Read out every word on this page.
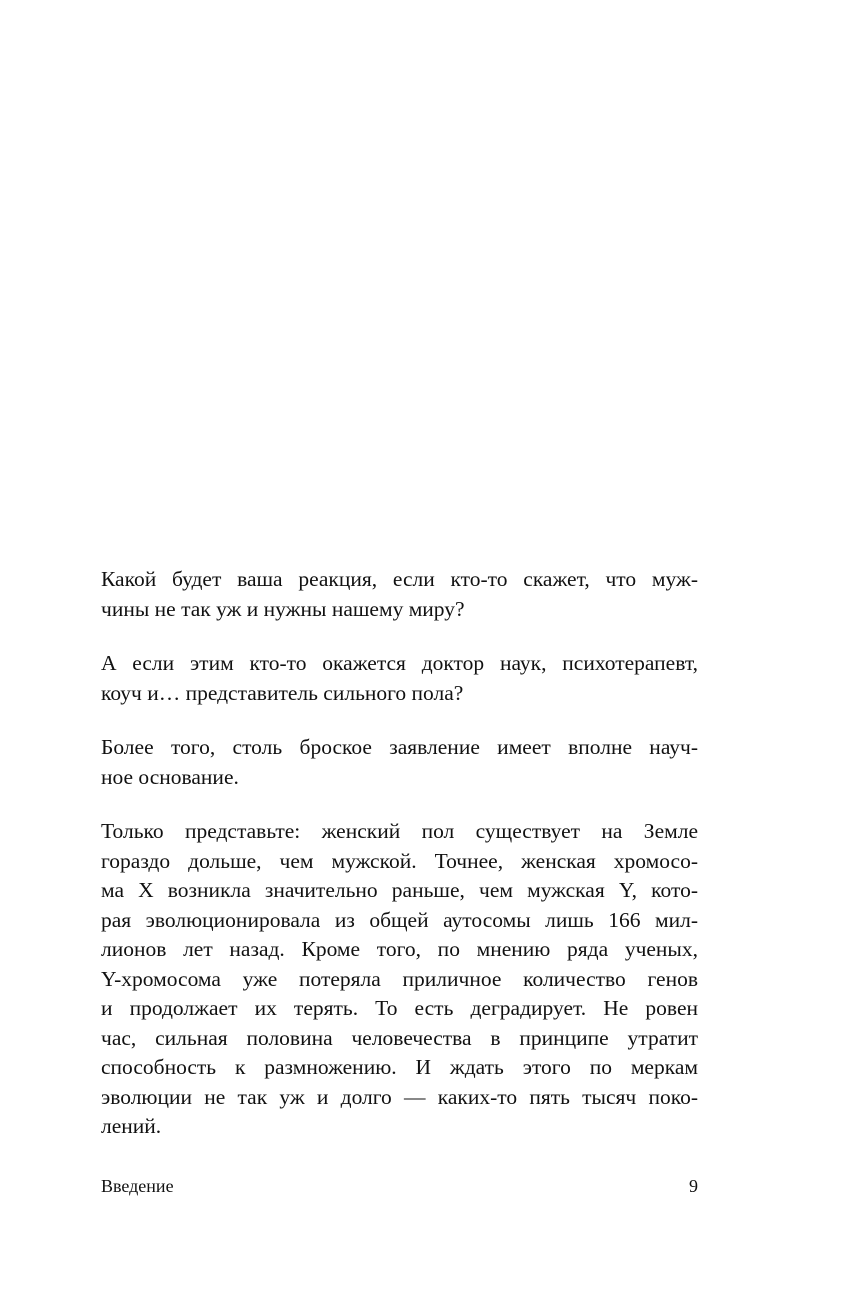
Какой будет ваша реакция, если кто-то скажет, что муж-
чины не так уж и нужны нашему миру?

А если этим кто-то окажется доктор наук, психотерапевт,
коуч и… представитель сильного пола?

Более того, столь броское заявление имеет вполне науч-
ное основание.

Только представьте: женский пол существует на Земле
гораздо дольше, чем мужской. Точнее, женская хромосо-
ма X возникла значительно раньше, чем мужская Y, кото-
рая эволюционировала из общей аутосомы лишь 166 мил-
лионов лет назад. Кроме того, по мнению ряда ученых,
Y-хромосома уже потеряла приличное количество генов
и продолжает их терять. То есть деградирует. Не ровен
час, сильная половина человечества в принципе утратит
способность к размножению. И ждать этого по меркам
эволюции не так уж и долго — каких-то пять тысяч поко-
лений.

Введение	9
